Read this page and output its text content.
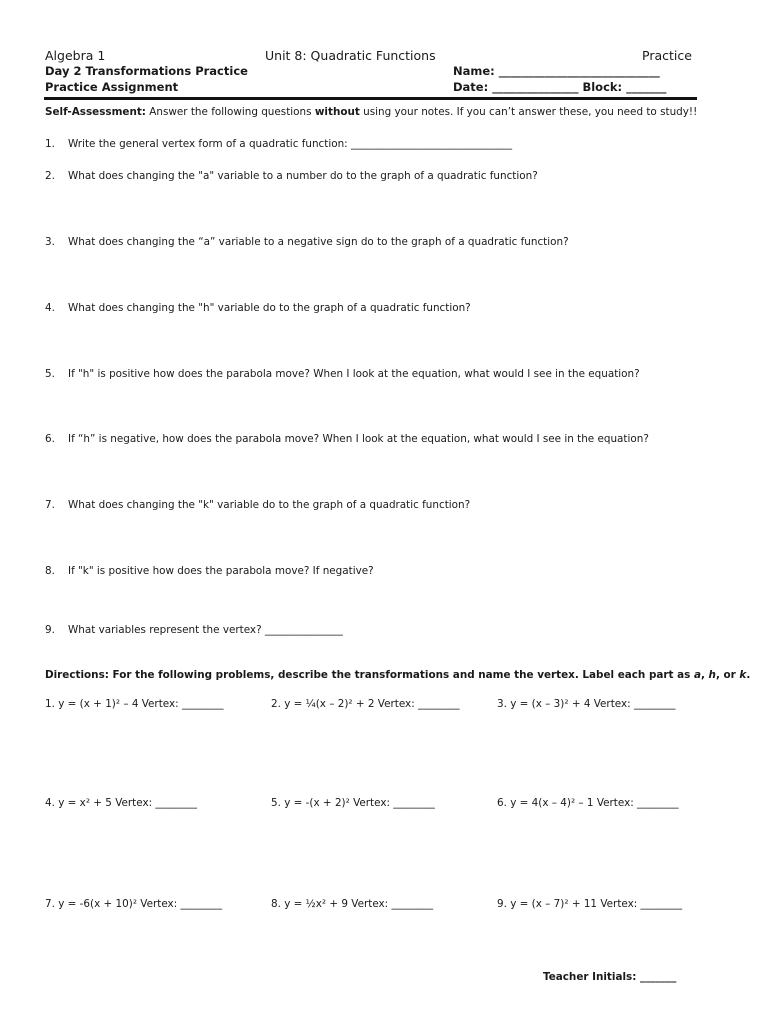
Algebra 1	Unit 8: Quadratic Functions	Practice
Day 2 Transformations Practice	Name: ____________________________
Practice Assignment	Date: _______________ Block: _______
Self-Assessment: Answer the following questions without using your notes. If you can’t answer these, you need to study!!
1. Write the general vertex form of a quadratic function: _______________________________
2. What does changing the "a" variable to a number do to the graph of a quadratic function?
3. What does changing the “a” variable to a negative sign do to the graph of a quadratic function?
4. What does changing the "h" variable do to the graph of a quadratic function?
5. If "h" is positive how does the parabola move? When I look at the equation, what would I see in the equation?
6. If “h” is negative, how does the parabola move? When I look at the equation, what would I see in the equation?
7. What does changing the "k" variable do to the graph of a quadratic function?
8. If "k" is positive how does the parabola move? If negative?
9. What variables represent the vertex? _______________
Directions: For the following problems, describe the transformations and name the vertex. Label each part as a, h, or k.
1. y = (x + 1)² – 4 Vertex: ________	2. y = ¼(x – 2)² + 2 Vertex: ________	3. y = (x – 3)² + 4 Vertex: ________
4. y = x² + 5 Vertex: ________	5. y = -(x + 2)² Vertex: ________	6. y = 4(x – 4)² – 1 Vertex: ________
7. y = -6(x + 10)² Vertex: ________	8. y = ½x² + 9 Vertex: ________	9. y = (x – 7)² + 11 Vertex: ________
Teacher Initials: _______
